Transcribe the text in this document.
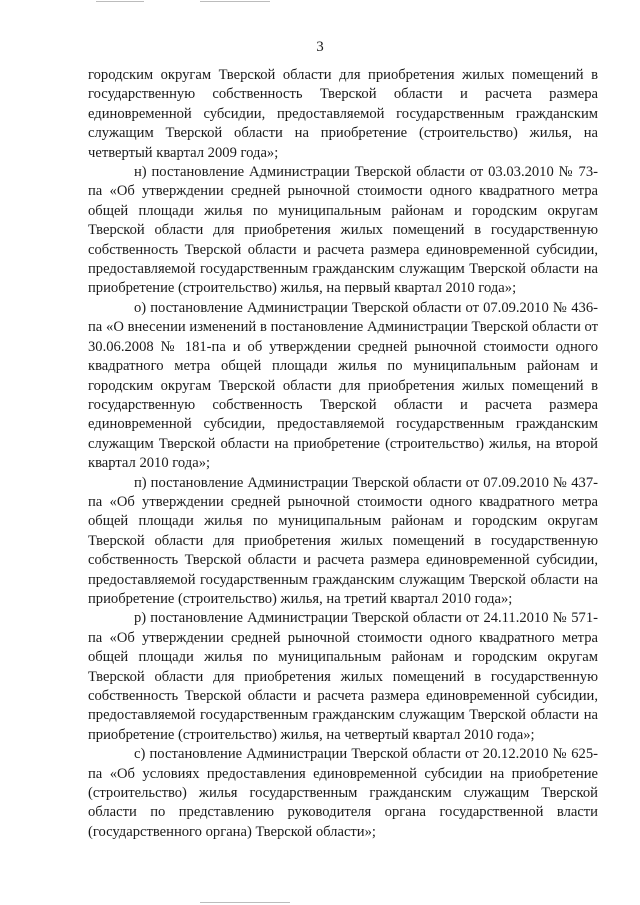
3

городским округам Тверской области для приобретения жилых помещений в государственную собственность Тверской области и расчета размера единовременной субсидии, предоставляемой государственным гражданским служащим Тверской области на приобретение (строительство) жилья, на четвертый квартал 2009 года»;

н) постановление Администрации Тверской области от 03.03.2010 № 73-па «Об утверждении средней рыночной стоимости одного квадратного метра общей площади жилья по муниципальным районам и городским округам Тверской области для приобретения жилых помещений в государственную собственность Тверской области и расчета размера единовременной субсидии, предоставляемой государственным гражданским служащим Тверской области на приобретение (строительство) жилья, на первый квартал 2010 года»;

о) постановление Администрации Тверской области от 07.09.2010 № 436-па «О внесении изменений в постановление Администрации Тверской области от 30.06.2008 № 181-па и об утверждении средней рыночной стоимости одного квадратного метра общей площади жилья по муниципальным районам и городским округам Тверской области для приобретения жилых помещений в государственную собственность Тверской области и расчета размера единовременной субсидии, предоставляемой государственным гражданским служащим Тверской области на приобретение (строительство) жилья, на второй квартал 2010 года»;

п) постановление Администрации Тверской области от 07.09.2010 № 437-па «Об утверждении средней рыночной стоимости одного квадратного метра общей площади жилья по муниципальным районам и городским округам Тверской области для приобретения жилых помещений в государственную собственность Тверской области и расчета размера единовременной субсидии, предоставляемой государственным гражданским служащим Тверской области на приобретение (строительство) жилья, на третий квартал 2010 года»;

р) постановление Администрации Тверской области от 24.11.2010 № 571-па «Об утверждении средней рыночной стоимости одного квадратного метра общей площади жилья по муниципальным районам и городским округам Тверской области для приобретения жилых помещений в государственную собственность Тверской области и расчета размера единовременной субсидии, предоставляемой государственным гражданским служащим Тверской области на приобретение (строительство) жилья, на четвертый квартал 2010 года»;

с) постановление Администрации Тверской области от 20.12.2010 № 625-па «Об условиях предоставления единовременной субсидии на приобретение (строительство) жилья государственным гражданским служащим Тверской области по представлению руководителя органа государственной власти (государственного органа) Тверской области»;
